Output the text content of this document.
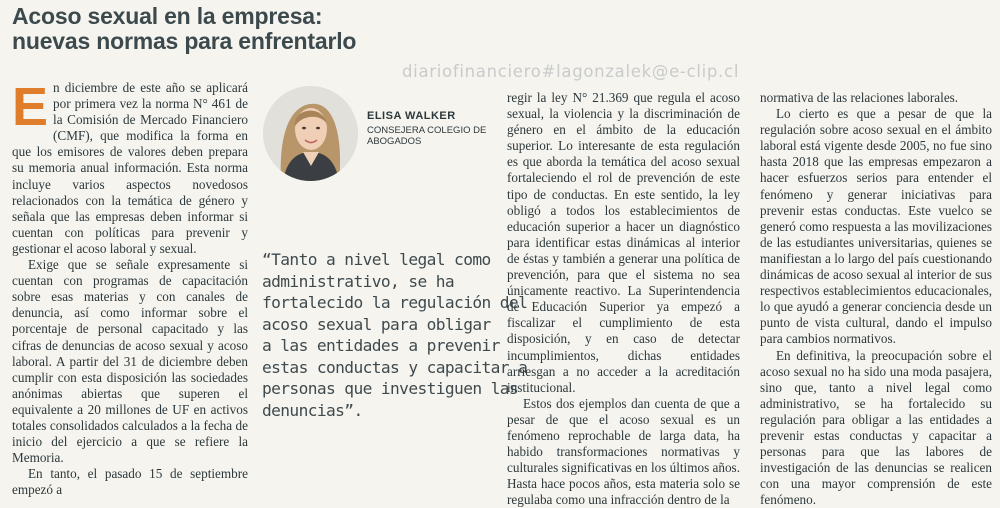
Acoso sexual en la empresa:
nuevas normas para enfrentarlo
diariofinanciero#lagonzalek@e-clip.cl

En diciembre de este año se aplicará por primera vez la norma N° 461 de la Comisión de Mercado Financiero (CMF), que modifica la forma en que los emisores de valores deben prepara su memoria anual información. Esta norma incluye varios aspectos novedosos relacionados con la temática de género y señala que las empresas deben informar si cuentan con políticas para prevenir y gestionar el acoso laboral y sexual.

Exige que se señale expresamente si cuentan con programas de capacitación sobre esas materias y con canales de denuncia, así como informar sobre el porcentaje de personal capacitado y las cifras de denuncias de acoso sexual y acoso laboral. A partir del 31 de diciembre deben cumplir con esta disposición las sociedades anónimas abiertas que superen el equivalente a 20 millones de UF en activos totales consolidados calculados a la fecha de inicio del ejercicio a que se refiere la Memoria.

En tanto, el pasado 15 de septiembre empezó a

ELISA WALKER
CONSEJERA COLEGIO DE ABOGADOS
“Tanto a nivel legal como
administrativo, se ha
fortalecido la regulación del
acoso sexual para obligar
a las entidades a prevenir
estas conductas y capacitar a
personas que investiguen las
denuncias”.

regir la ley N° 21.369 que regula el acoso sexual, la violencia y la discriminación de género en el ámbito de la educación superior. Lo interesante de esta regulación es que aborda la temática del acoso sexual fortaleciendo el rol de prevención de este tipo de conductas. En este sentido, la ley obligó a todos los establecimientos de educación superior a hacer un diagnóstico para identificar estas dinámicas al interior de éstas y también a generar una política de prevención, para que el sistema no sea únicamente reactivo. La Superintendencia de Educación Superior ya empezó a fiscalizar el cumplimiento de esta disposición, y en caso de detectar incumplimientos, dichas entidades arriesgan a no acceder a la acreditación institucional.

Estos dos ejemplos dan cuenta de que a pesar de que el acoso sexual es un fenómeno reprochable de larga data, ha habido transformaciones normativas y culturales significativas en los últimos años. Hasta hace pocos años, esta materia solo se regulaba como una infracción dentro de la

normativa de las relaciones laborales.

Lo cierto es que a pesar de que la regulación sobre acoso sexual en el ámbito laboral está vigente desde 2005, no fue sino hasta 2018 que las empresas empezaron a hacer esfuerzos serios para entender el fenómeno y generar iniciativas para prevenir estas conductas. Este vuelco se generó como respuesta a las movilizaciones de las estudiantes universitarias, quienes se manifiestan a lo largo del país cuestionando dinámicas de acoso sexual al interior de sus respectivos establecimientos educacionales, lo que ayudó a generar conciencia desde un punto de vista cultural, dando el impulso para cambios normativos.

En definitiva, la preocupación sobre el acoso sexual no ha sido una moda pasajera, sino que, tanto a nivel legal como administrativo, se ha fortalecido su regulación para obligar a las entidades a prevenir estas conductas y capacitar a personas para que las labores de investigación de las denuncias se realicen con una mayor comprensión de este fenómeno.
